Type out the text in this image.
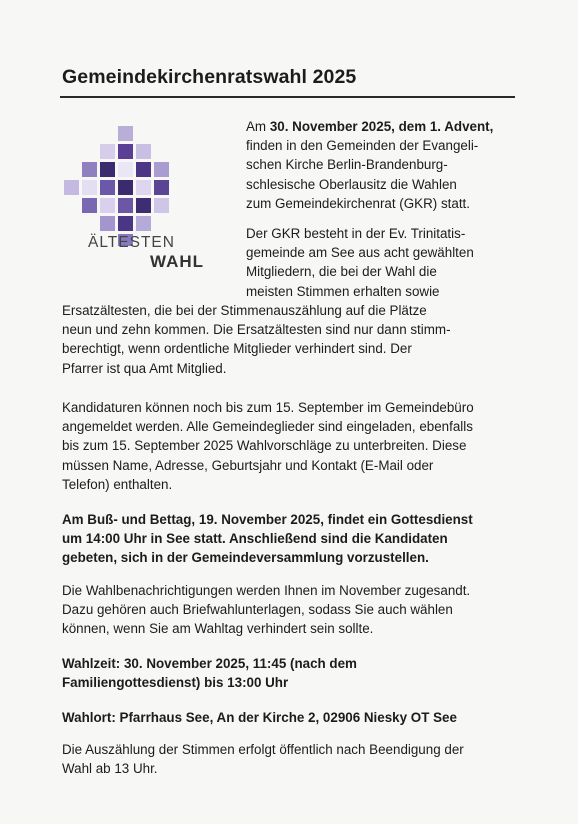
Gemeindekirchenratswahl 2025
ÄLTESTEN
WAHL
Am 30. November 2025, dem 1. Advent,
finden in den Gemeinden der Evangeli-
schen Kirche Berlin-Brandenburg-
schlesische Oberlausitz die Wahlen
zum Gemeindekirchenrat (GKR) statt.
Der GKR besteht in der Ev. Trinitatis-
gemeinde am See aus acht gewählten
Mitgliedern, die bei der Wahl die
meisten Stimmen erhalten sowie
Ersatzältesten, die bei der Stimmenauszählung auf die Plätze
neun und zehn kommen. Die Ersatzältesten sind nur dann stimm-
berechtigt, wenn ordentliche Mitglieder verhindert sind. Der
Pfarrer ist qua Amt Mitglied.
Kandidaturen können noch bis zum 15. September im Gemeindebüro
angemeldet werden. Alle Gemeindeglieder sind eingeladen, ebenfalls
bis zum 15. September 2025 Wahlvorschläge zu unterbreiten. Diese
müssen Name, Adresse, Geburtsjahr und Kontakt (E-Mail oder
Telefon) enthalten.
Am Buß- und Bettag, 19. November 2025, findet ein Gottesdienst
um 14:00 Uhr in See statt. Anschließend sind die Kandidaten
gebeten, sich in der Gemeindeversammlung vorzustellen.
Die Wahlbenachrichtigungen werden Ihnen im November zugesandt.
Dazu gehören auch Briefwahlunterlagen, sodass Sie auch wählen
können, wenn Sie am Wahltag verhindert sein sollte.
Wahlzeit: 30. November 2025, 11:45 (nach dem
Familiengottesdienst) bis 13:00 Uhr
Wahlort: Pfarrhaus See, An der Kirche 2, 02906 Niesky OT See
Die Auszählung der Stimmen erfolgt öffentlich nach Beendigung der
Wahl ab 13 Uhr.
